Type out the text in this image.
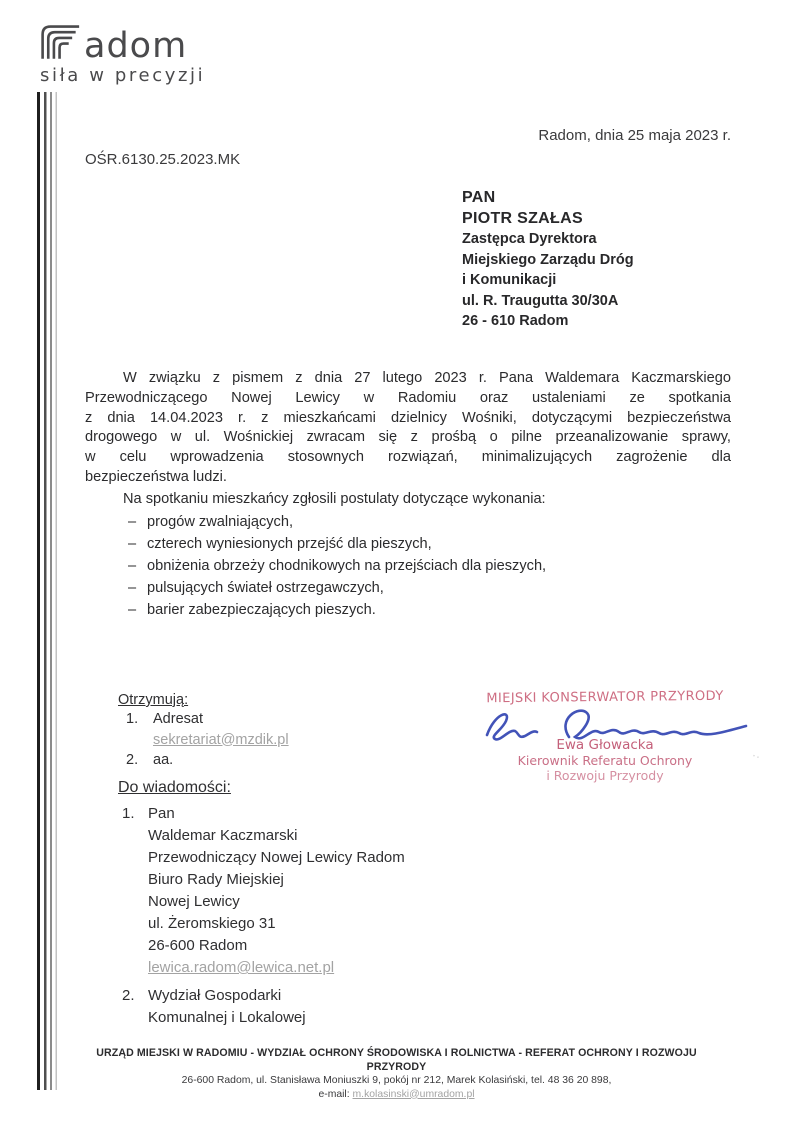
··
adom
siła w precyzji
Radom, dnia 25 maja 2023 r.
OŚR.6130.25.2023.MK
PAN
PIOTR SZAŁAS
Zastępca Dyrektora
Miejskiego Zarządu Dróg
i Komunikacji
ul. R. Traugutta 30/30A
26 - 610 Radom
W związku z pismem z dnia 27 lutego 2023 r. Pana Waldemara Kaczmarskiego
Przewodniczącego Nowej Lewicy w Radomiu oraz ustaleniami ze spotkania
z dnia 14.04.2023 r. z mieszkańcami dzielnicy Wośniki, dotyczącymi bezpieczeństwa
drogowego w ul. Wośnickiej zwracam się z prośbą o pilne przeanalizowanie sprawy,
w celu wprowadzenia stosownych rozwiązań, minimalizujących zagrożenie dla
bezpieczeństwa ludzi.
Na spotkaniu mieszkańcy zgłosili postulaty dotyczące wykonania:
– progów zwalniających,
– czterech wyniesionych przejść dla pieszych,
– obniżenia obrzeży chodnikowych na przejściach dla pieszych,
– pulsujących świateł ostrzegawczych,
– barier zabezpieczających pieszych.
Otrzymują:
1.	Adresat
sekretariat@mzdik.pl
2.	aa.
MIEJSKI KONSERWATOR PRZYRODY
Ewa Głowacka
Kierownik Referatu Ochrony
i Rozwoju Przyrody
Do wiadomości:
1. Pan
Waldemar Kaczmarski
Przewodniczący Nowej Lewicy Radom
Biuro Rady Miejskiej
Nowej Lewicy
ul. Żeromskiego 31
26-600 Radom
lewica.radom@lewica.net.pl
2. Wydział Gospodarki
Komunalnej i Lokalowej
URZĄD MIEJSKI W RADOMIU - WYDZIAŁ OCHRONY ŚRODOWISKA I ROLNICTWA - REFERAT OCHRONY I ROZWOJU
PRZYRODY
26-600 Radom, ul. Stanisława Moniuszki 9, pokój nr 212, Marek Kolasiński, tel. 48 36 20 898,
e-mail: m.kolasinski@umradom.pl
